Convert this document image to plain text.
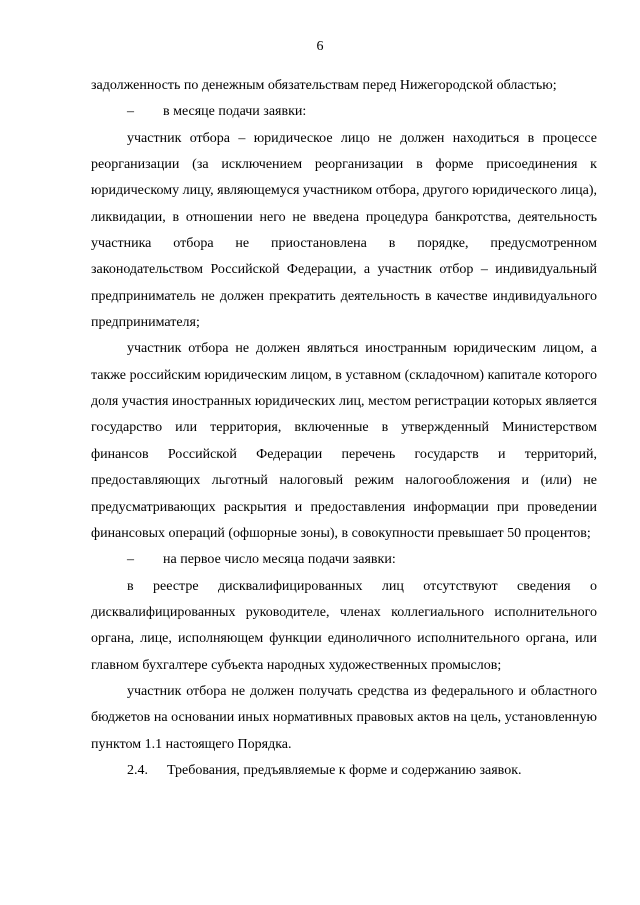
6

задолженность по денежным обязательствам перед Нижегородской областью;

–	в месяце подачи заявки:

участник отбора – юридическое лицо не должен находиться в процессе реорганизации (за исключением реорганизации в форме присоединения к юридическому лицу, являющемуся участником отбора, другого юридического лица), ликвидации, в отношении него не введена процедура банкротства, деятельность участника отбора не приостановлена в порядке, предусмотренном законодательством Российской Федерации, а участник отбор – индивидуальный предприниматель не должен прекратить деятельность в качестве индивидуального предпринимателя;

участник отбора не должен являться иностранным юридическим лицом, а также российским юридическим лицом, в уставном (складочном) капитале которого доля участия иностранных юридических лиц, местом регистрации которых является государство или территория, включенные в утвержденный Министерством финансов Российской Федерации перечень государств и территорий, предоставляющих льготный налоговый режим налогообложения и (или) не предусматривающих раскрытия и предоставления информации при проведении финансовых операций (офшорные зоны), в совокупности превышает 50 процентов;

–	на первое число месяца подачи заявки:

в реестре дисквалифицированных лиц отсутствуют сведения о дисквалифицированных руководителе, членах коллегиального исполнительного органа, лице, исполняющем функции единоличного исполнительного органа, или главном бухгалтере субъекта народных художественных промыслов;

участник отбора не должен получать средства из федерального и областного бюджетов на основании иных нормативных правовых актов на цель, установленную пунктом 1.1 настоящего Порядка.

2.4.	Требования, предъявляемые к форме и содержанию заявок.
